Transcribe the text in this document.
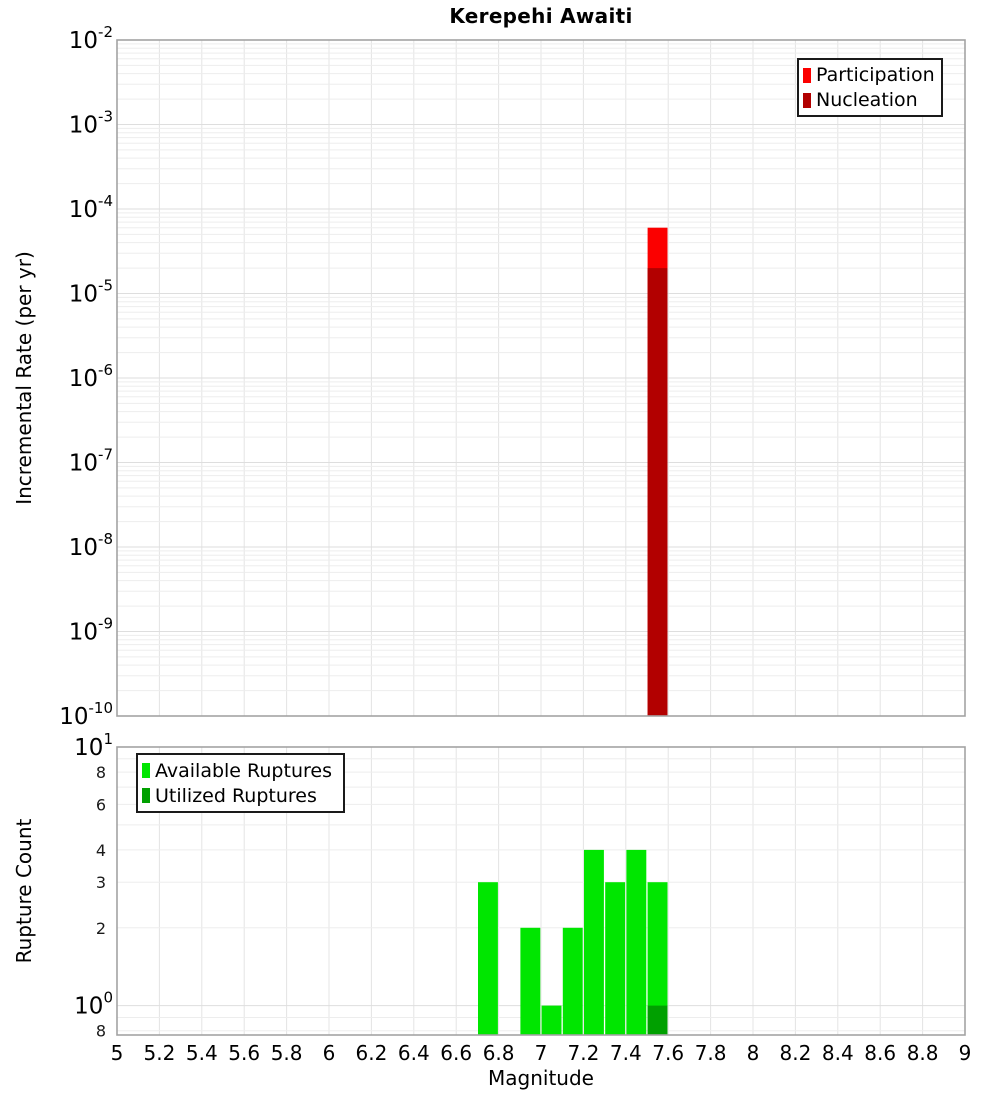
$10^{-2}$
$10^{-3}$
$10^{-4}$
$10^{-5}$
$10^{-6}$
$10^{-7}$
$10^{-8}$
$10^{-9}$
$10^{-10}$
$10^1$
$10^0$
8
6
4
3
2
8
5 5.2 5.4 5.6 5.8 6 6.2 6.4 6.6 6.8 7 7.2 7.4 7.6 7.8 8 8.2 8.4 8.6 8.8 9
Kerepehi Awaiti
Incremental Rate (per yr)
Rupture Count
Magnitude
Participation
Nucleation
Available Ruptures
Utilized Ruptures
